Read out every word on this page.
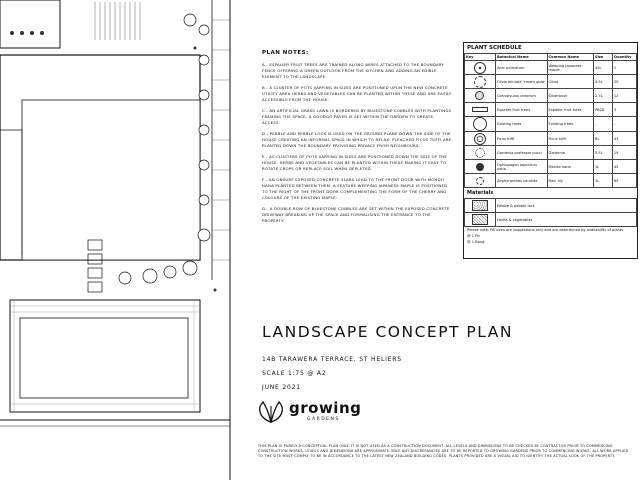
PLAN NOTES:
A - ESPALIER FRUIT TREES ARE TRAINED ALONG WIRES ATTACHED TO THE BOUNDARY FENCE OFFERING A GREEN OUTLOOK FROM THE KITCHEN AND ADDING AN EDIBLE ELEMENT TO THE LANDSCAPE.
B - A CLUSTER OF POTS VARYING IN SIZES ARE POSITIONED UPON THE NEW CONCRETE UTILITY AREA HERBS AND VEGETABLES CAN BE PLANTED WITHIN THESE AND ARE EASILY ACCESSIBLE FROM THE HOUSE.
C - AN ARTIFICIAL GRASS LAWN IS BORDERED BY BLUESTONE COBBLES WITH PLANTINGS FRAMING THE SPACE. A GOODGO PAVER IS SET WITHIN THE GARDEN TO CREATE ACCESS.
D - PEBBLE AND PEBBLE LOCK IS USED ON THE GROUND PLANE DOWN THE SIDE OF THE HOUSE CREATING AN INFORMAL SPACE IN WHICH TO RELAX. PLEACHED FICUS TUFFI ARE PLANTED DOWN THE BOUNDARY PROVIDING PRIVACY FROM NEIGHBOURS.
E - AS CLUSTERS OF POTS VARYING IN SIZES ARE POSITIONED DOWN THE SIDE OF THE HOUSE. HERBS AND VEGETABLES CAN BE PLANTED WITHIN THESE MAKING IT EASY TO ROTATE CROPS OR REPLACE SOIL WHEN DEPLETED.
F - AN ONSURF EXPOSED CONCRETE SLABS LEAD TO THE FRONT DOOR WITH MONDO NANA PLANTED BETWEEN THEM. A FEATURE WEEPING JAPANESE MAPLE IS POSITIONED TO THE RIGHT OF THE FRONT DOOR COMPLEMENTING THE FORM OF THE CHERRY AND COLOURS OF THE EXISTING MAPLE.
G - A DOUBLE ROW OF BLUESTONE COBBLES ARE SET WITHIN THE EXPOSED CONCRETE DRIVEWAY BREAKING UP THE SPACE AND FORMALISING THE ENTRANCE TO THE PROPERTY.
PLANT SCHEDULE
Key	Botanical Name	Common Name	Size	Quantity

	Acer palmatum	Weeping Japanese maple	45L	1

	Clivia miniata 'cream glow'	Clivia	3.5L	20

	Convolvulus cneorum	Silverbush	2.5L	12

	Espalier fruit trees	Espalier fruit trees	PB28	3

	Existing trees	Existing trees	-	-

	Ficus tuffi	Ficus tuffi	BL	43

	Gardenia professor pucci	Gardenia	5.5L	19

	Ophiopogon japonicus nana	Mondo nana	1L	45

	Zephyranthes candida	Rain lily	1L	65
Materials
	Pebble & pebble lock

	Herbs & vegetables
Please note: PB sizes are suggestions only and are determined by availability of plants
@ 1 Pb
@ 1 Bang
LANDSCAPE CONCEPT PLAN
14B TARAWERA TERRACE, ST HELIERS
SCALE 1:75 @ A2
JUNE 2021
growing
GARDENS
THIS PLAN IS PURELY A CONCEPTUAL PLAN ONLY. IT IS NOT USED AS A CONSTRUCTION DOCUMENT. ALL LEVELS AND DIMENSIONS TO BE CHECKED BY CONTRACTOR PRIOR TO COMMENCING CONSTRUCTION WORKS. LEVELS AND DIMENSIONS ARE APPROXIMATE ONLY. ANY DISCREPANCIES ARE TO BE REPORTED TO GROWING GARDENS PRIOR TO COMMENCING WORKS. ALL WORK APPLIED TO THE SITE MUST COMPLY TO BE IN ACCORDANCE TO THE LATEST NEW ZEALAND BUILDING CODES. PLANTS PROVIDED ARE A VISUAL AID TO IDENTIFY THE ACTUAL LOOK OF THE PROPERTY.
